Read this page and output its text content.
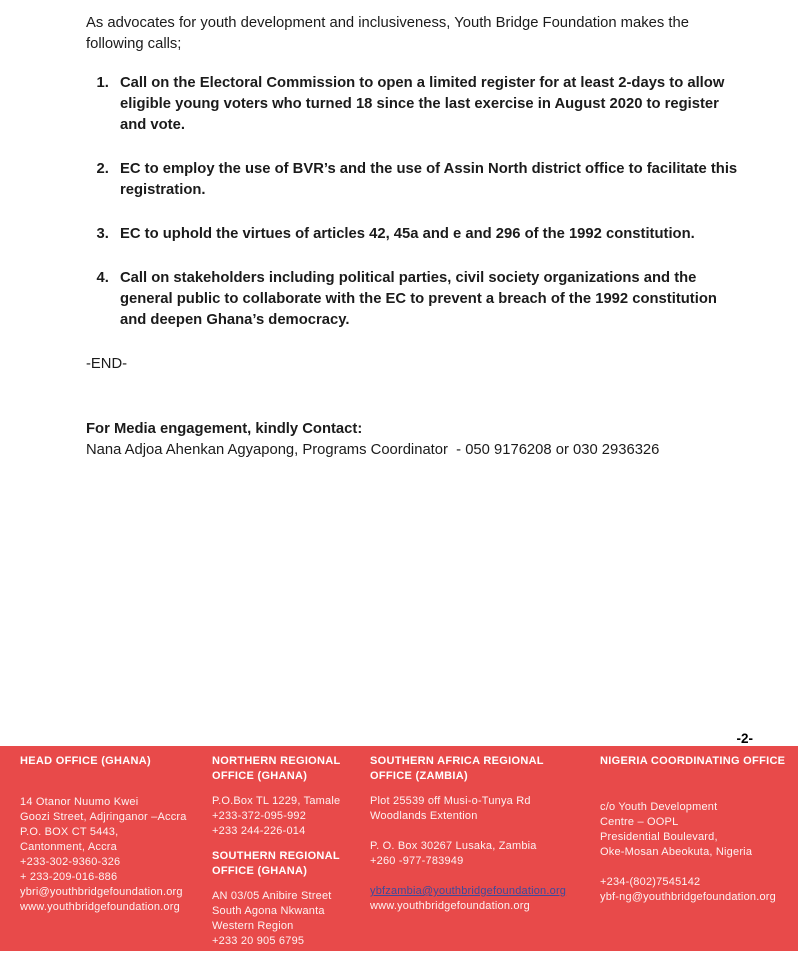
As advocates for youth development and inclusiveness, Youth Bridge Foundation makes the following calls;

1. Call on the Electoral Commission to open a limited register for at least 2-days to allow eligible young voters who turned 18 since the last exercise in August 2020 to register and vote.
2. EC to employ the use of BVR’s and the use of Assin North district office to facilitate this registration.
3. EC to uphold the virtues of articles 42, 45a and e and 296 of the 1992 constitution.
4. Call on stakeholders including political parties, civil society organizations and the general public to collaborate with the EC to prevent a breach of the 1992 constitution and deepen Ghana’s democracy.

-END-

For Media engagement, kindly Contact:

Nana Adjoa Ahenkan Agyapong, Programs Coordinator  - 050 9176208 or 030 2936326

-2-
HEAD OFFICE (GHANA)
14 Otanor Nuumo Kwei
Goozi Street, Adjringanor –Accra
P.O. BOX CT 5443,
Cantonment, Accra
+233-302-9360-326
+ 233-209-016-886
ybri@youthbridgefoundation.org
www.youthbridgefoundation.org
NORTHERN REGIONAL OFFICE (GHANA)
P.O.Box TL 1229, Tamale
+233-372-095-992
+233 244-226-014
SOUTHERN REGIONAL OFFICE (GHANA)
AN 03/05 Anibire Street
South Agona Nkwanta
Western Region
+233 20 905 6795
+233 27 244 8210
SOUTHERN AFRICA REGIONAL OFFICE (ZAMBIA)
Plot 25539 off Musi-o-Tunya Rd
Woodlands Extention

P. O. Box 30267 Lusaka, Zambia
+260 -977-783949

ybfzambia@youthbridgefoundation.org
www.youthbridgefoundation.org
NIGERIA COORDINATING OFFICE
c/o Youth Development
Centre – OOPL
Presidential Boulevard,
Oke-Mosan Abeokuta, Nigeria

+234-(802)7545142
ybf-ng@youthbridgefoundation.org
